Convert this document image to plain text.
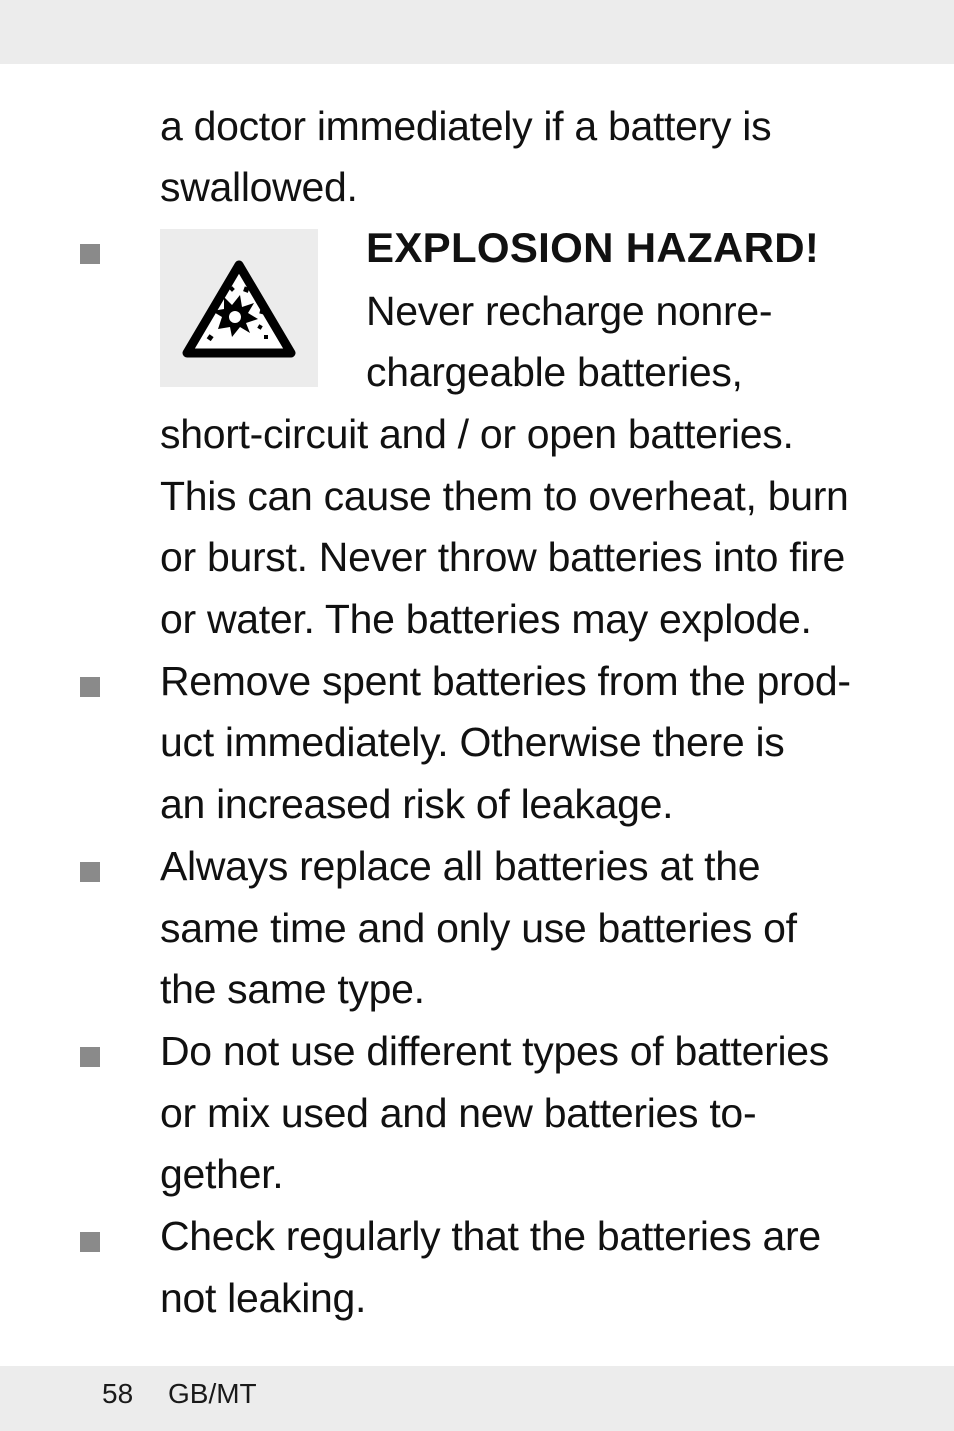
a doctor immediately if a battery is
swallowed.
EXPLOSION HAZARD!
Never recharge nonre-
chargeable batteries,
short-circuit and / or open batteries.
This can cause them to overheat, burn
or burst. Never throw batteries into fire
or water. The batteries may explode.
Remove spent batteries from the prod-
uct immediately. Otherwise there is
an increased risk of leakage.
Always replace all batteries at the
same time and only use batteries of
the same type.
Do not use different types of batteries
or mix used and new batteries to-
gether.
Check regularly that the batteries are
not leaking.
58 GB/MT
